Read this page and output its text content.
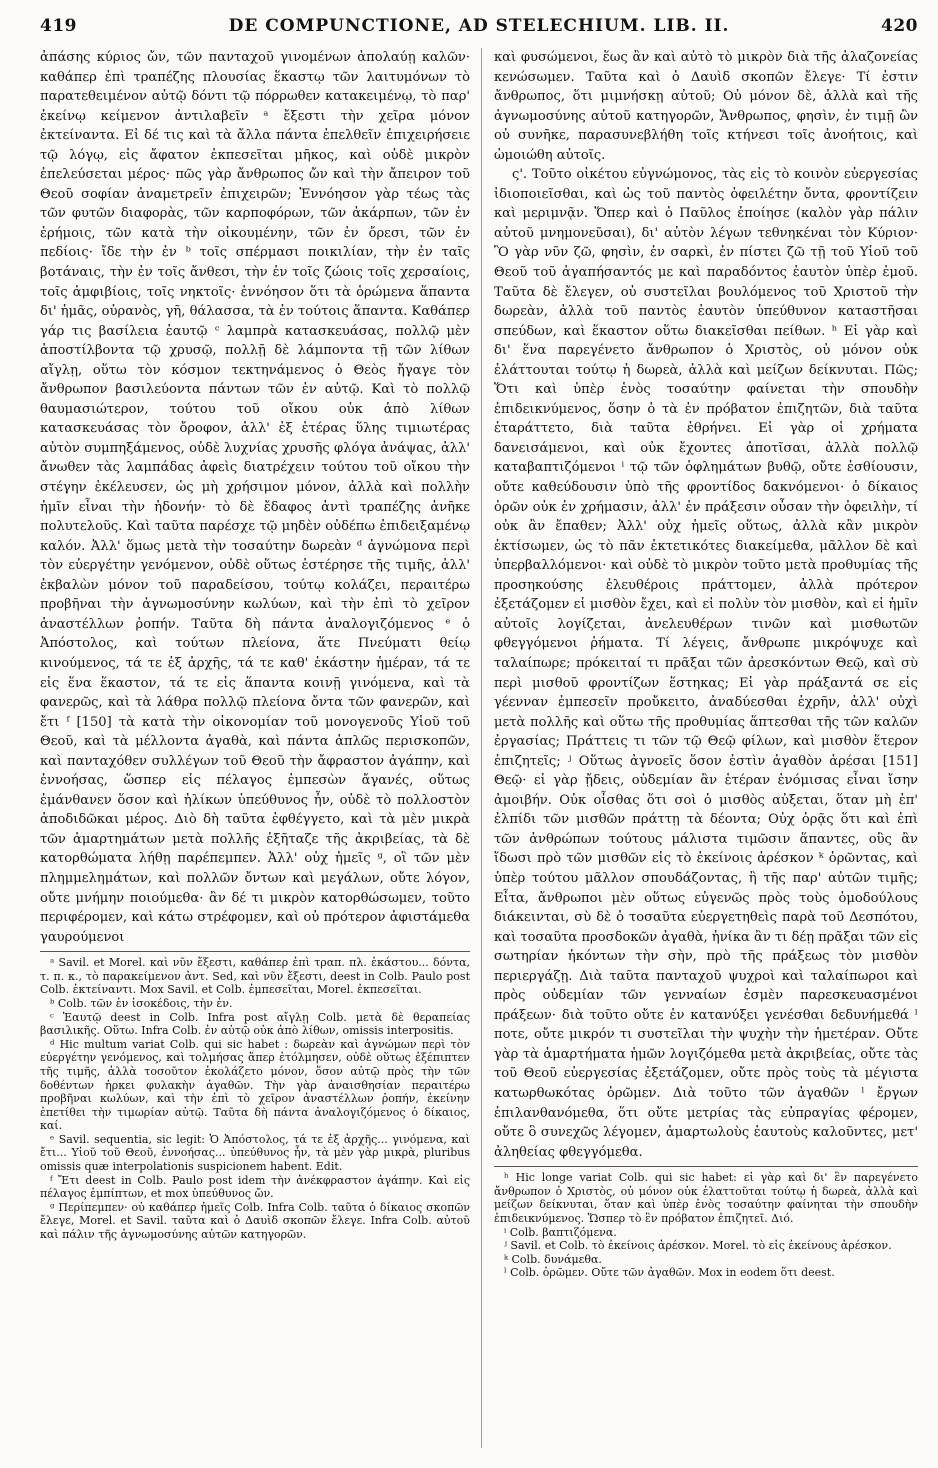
419	DE COMPUNCTIONE, AD STELECHIUM. LIB. II.	420

ἀπάσης κύριος ὤν, τῶν πανταχοῦ γινομένων ἀπολαύῃ καλῶν· καθάπερ ἐπὶ τραπέζης πλουσίας ἕκαστῳ τῶν λαιτυμόνων τὸ παρατεθειμένον αὐτῷ δόντι τῷ πόρρωθεν κατακειμένῳ, τὸ παρ' ἐκείνῳ κείμενον ἀντιλαβεῖν ᵃ ἔξεστι τὴν χεῖρα μόνον ἐκτείναντα. Εἰ δέ τις καὶ τὰ ἄλλα πάντα ἐπελθεῖν ἐπιχειρήσειε τῷ λόγῳ, εἰς ἄφατον ἐκπεσεῖται μῆκος, καὶ οὐδὲ μικρὸν ἐπελεύσεται μέρος· πῶς γὰρ ἄνθρωπος ὤν καὶ τὴν ἄπειρον τοῦ Θεοῦ σοφίαν ἀναμετρεῖν ἐπιχειρῶν; Ἐννόησον γὰρ τέως τὰς τῶν φυτῶν διαφορὰς, τῶν καρποφόρων, τῶν ἀκάρπων, τῶν ἐν ἐρήμοις, τῶν κατὰ τὴν οἰκουμένην, τῶν ἐν ὄρεσι, τῶν ἐν πεδίοις· ἴδε τὴν ἐν ᵇ τοῖς σπέρμασι ποικιλίαν, τὴν ἐν ταῖς βοτάναις, τὴν ἐν τοῖς ἄνθεσι, τὴν ἐν τοῖς ζώοις τοῖς χερσαίοις, τοῖς ἀμφιβίοις, τοῖς νηκτοῖς· ἐννόησον ὅτι τὰ ὁρώμενα ἅπαντα δι' ἡμᾶς, οὐρανὸς, γῆ, θάλασσα, τὰ ἐν τούτοις ἅπαντα. Καθάπερ γάρ τις βασίλεια ἑαυτῷ ᶜ λαμπρὰ κατασκευάσας, πολλῷ μὲν ἀποστίλβοντα τῷ χρυσῷ, πολλῇ δὲ λάμποντα τῇ τῶν λίθων αἴγλῃ, οὕτω τὸν κόσμον τεκτηνάμενος ὁ Θεὸς ἤγαγε τὸν ἄνθρωπον βασιλεύοντα πάντων τῶν ἐν αὐτῷ. Καὶ τὸ πολλῷ θαυμασιώτερον, τούτου τοῦ οἴκου οὐκ ἀπὸ λίθων κατασκευάσας τὸν ὄροφον, ἀλλ' ἐξ ἑτέρας ὕλης τιμιωτέρας αὐτὸν συμπηξάμενος, οὐδὲ λυχνίας χρυσῆς φλόγα ἀνάψας, ἀλλ' ἄνωθεν τὰς λαμπάδας ἀφεὶς διατρέχειν τούτου τοῦ οἴκου τὴν στέγην ἐκέλευσεν, ὡς μὴ χρήσιμον μόνον, ἀλλὰ καὶ πολλὴν ἡμῖν εἶναι τὴν ἡδονήν· τὸ δὲ ἔδαφος ἀντὶ τραπέζης ἀνῆκε πολυτελοῦς. Καὶ ταῦτα παρέσχε τῷ μηδὲν οὐδέπω ἐπιδειξαμένῳ καλόν. Ἀλλ' ὅμως μετὰ τὴν τοσαύτην δωρεὰν ᵈ ἀγνώμονα περὶ τὸν εὐεργέτην γενόμενον, οὐδὲ οὕτως ἐστέρησε τῆς τιμῆς, ἀλλ' ἐκβαλὼν μόνον τοῦ παραδείσου, τούτῳ κολάζει, περαιτέρω προβῆναι τὴν ἀγνωμοσύνην κωλύων, καὶ τὴν ἐπὶ τὸ χεῖρον ἀναστέλλων ῥοπήν. Ταῦτα δὴ πάντα ἀναλογιζόμενος ᵉ ὁ Ἀπόστολος, καὶ τούτων πλείονα, ἅτε Πνεύματι θείῳ κινούμενος, τά τε ἐξ ἀρχῆς, τά τε καθ' ἑκάστην ἡμέραν, τά τε εἰς ἕνα ἕκαστον, τά τε εἰς ἅπαντα κοινῇ γινόμενα, καὶ τὰ φανερῶς, καὶ τὰ λάθρα πολλῷ πλείονα ὄντα τῶν φανερῶν, καὶ ἔτι ᶠ [150] τὰ κατὰ τὴν οἰκονομίαν τοῦ μονογενοῦς Υἱοῦ τοῦ Θεοῦ, καὶ τὰ μέλλοντα ἀγαθὰ, καὶ πάντα ἁπλῶς περισκοπῶν, καὶ πανταχόθεν συλλέγων τοῦ Θεοῦ τὴν ἄφραστον ἀγάπην, καὶ ἐννοήσας, ὥσπερ εἰς πέλαγος ἐμπεσὼν ἄγανές, οὕτως ἐμάνθανεν ὅσον καὶ ἡλίκων ὑπεύθυνος ἦν, οὐδὲ τὸ πολλοστὸν ἀποδιδῶκαι μέρος. Διὸ δὴ ταῦτα ἐφθέγγετο, καὶ τὰ μὲν μικρὰ τῶν ἁμαρτημάτων μετὰ πολλῆς ἐξῆταζε τῆς ἀκριβείας, τὰ δὲ κατορθώματα λήθῃ παρέπεμπεν. Ἀλλ' οὐχ ἡμεῖς ᵍ, οἳ τῶν μὲν πλημμελημάτων, καὶ πολλῶν ὄντων καὶ μεγάλων, οὔτε λόγον, οὔτε μνήμην ποιούμεθα· ἂν δέ τι μικρὸν κατορθώσωμεν, τοῦτο περιφέρομεν, καὶ κάτω στρέφομεν, καὶ οὐ πρότερον ἀφιστάμεθα γαυρούμενοι

ᵃ Savil. et Morel. καὶ νῦν ἔξεστι, καθάπερ ἐπὶ τραπ. πλ. ἑκάστου... δόντα, τ. π. κ., τὸ παρακείμενον ἀντ. Sed, καὶ νῦν ἔξεστι, deest in Colb. Paulo post Colb. ἐκτείναντι. Mox Savil. et Colb. ἐμπεσεῖται, Morel. ἐκπεσεῖται.

ᵇ Colb. τῶν ἐν ἰσοκέδοις, τὴν ἐν.

ᶜ Ἑαυτῷ deest in Colb. Infra post αἴγλῃ Colb. μετὰ δὲ θεραπείας βασιλικῆς. Οὕτω. Infra Colb. ἐν αὐτῷ οὐκ ἀπὸ λίθων, omissis interpositis.

ᵈ Hic multum variat Colb. qui sic habet : δωρεὰν καὶ ἀγνώμων περὶ τὸν εὐεργέτην γενόμενος, καὶ τολμήσας ἅπερ ἐτόλμησεν, οὐδὲ οὕτως ἐξέπιπτεν τῆς τιμῆς, ἀλλὰ τοσοῦτον ἐκολάζετο μόνον, ὅσον αὐτῷ πρὸς τὴν τῶν δοθέντων ἠρκει φυλακὴν ἀγαθῶν. Τὴν γὰρ ἀναισθησίαν περαιτέρω προβῆναι κωλύων, καὶ τὴν ἐπὶ τὸ χεῖρον ἀναστέλλων ῥοπήν, ἐκείνην ἐπετίθει τὴν τιμωρίαν αὐτῷ. Ταῦτα δὴ πάντα ἀναλογιζόμενος ὁ δίκαιος, καί.

ᵉ Savil. sequentia, sic legit: Ὁ Ἀπόστολος, τά τε ἐξ ἀρχῆς... γινόμενα, καὶ ἔτι... Υἱοῦ τοῦ Θεοῦ, ἐννοήσας... ὑπεύθυνος ἦν, τὰ μὲν γὰρ μικρὰ, pluribus omissis quæ interpolationis suspicionem habent. Edit.

ᶠ Ἔτι deest in Colb. Paulo post idem τὴν ἀνέκφραστον ἀγάπην. Καὶ εἰς πέλαγος ἐμπίπτων, et mox ὑπεύθυνος ὤν.

ᵍ Περίπεμπεν· οὐ καθάπερ ἡμεῖς Colb. Infra Colb. ταῦτα ὁ δίκαιος σκοπῶν ἔλεγε, Morel. et Savil. ταῦτα καὶ ὁ Δαυὶδ σκοπῶν ἔλεγε. Infra Colb. αὐτοῦ καὶ πάλιν τῆς ἀγνωμοσύνης αὐτῶν κατηγορῶν.

καὶ φυσώμενοι, ἕως ἂν καὶ αὐτὸ τὸ μικρὸν διὰ τῆς ἀλαζονείας κενώσωμεν. Ταῦτα καὶ ὁ Δαυὶδ σκοπῶν ἔλεγε· Τί ἐστιν ἄνθρωπος, ὅτι μιμνήσκῃ αὐτοῦ; Οὐ μόνον δὲ, ἀλλὰ καὶ τῆς ἀγνωμοσύνης αὐτοῦ κατηγορῶν, Ἄνθρωπος, φησὶν, ἐν τιμῇ ὢν οὐ συνῆκε, παρασυνεβλήθη τοῖς κτήνεσι τοῖς ἀνοήτοις, καὶ ὡμοιώθη αὐτοῖς.

ς'. Τοῦτο οἰκέτου εὐγνώμονος, τὰς εἰς τὸ κοινὸν εὐεργεσίας ἰδιοποιεῖσθαι, καὶ ὡς τοῦ παντὸς ὀφειλέτην ὄντα, φροντίζειν καὶ μεριμνᾷν. Ὅπερ καὶ ὁ Παῦλος ἐποίησε (καλὸν γὰρ πάλιν αὐτοῦ μνημονεῦσαι), δι' αὐτὸν λέγων τεθνηκέναι τὸν Κύριον· Ὃ γὰρ νῦν ζῶ, φησὶν, ἐν σαρκὶ, ἐν πίστει ζῶ τῇ τοῦ Υἱοῦ τοῦ Θεοῦ τοῦ ἀγαπήσαντός με καὶ παραδόντος ἑαυτὸν ὑπὲρ ἐμοῦ. Ταῦτα δὲ ἔλεγεν, οὐ συστεῖλαι βουλόμενος τοῦ Χριστοῦ τὴν δωρεὰν, ἀλλὰ τοῦ παντὸς ἑαυτὸν ὑπεύθυνον καταστῆσαι σπεύδων, καὶ ἕκαστον οὕτω διακεῖσθαι πείθων. ʰ Εἰ γὰρ καὶ δι' ἕνα παρεγένετο ἄνθρωπον ὁ Χριστὸς, οὐ μόνον οὐκ ἐλάττουται τούτῳ ἡ δωρεὰ, ἀλλὰ καὶ μείζων δείκνυται. Πῶς; Ὅτι καὶ ὑπὲρ ἑνὸς τοσαύτην φαίνεται τὴν σπουδὴν ἐπιδεικνύμενος, ὅσην ὁ τὰ ἐν πρόβατον ἐπιζητῶν, διὰ ταῦτα ἐταράττετο, διὰ ταῦτα ἐθρήνει. Εἰ γὰρ οἱ χρήματα δανεισάμενοι, καὶ οὐκ ἔχοντες ἀποτῖσαι, ἀλλὰ πολλῷ καταβαπτιζόμενοι ⁱ τῷ τῶν ὀφλημάτων βυθῷ, οὔτε ἐσθίουσιν, οὔτε καθεύδουσιν ὑπὸ τῆς φροντίδος δακνόμενοι· ὁ δίκαιος ὁρῶν οὐκ ἐν χρήμασιν, ἀλλ' ἐν πράξεσιν οὖσαν τὴν ὀφειλὴν, τί οὐκ ἂν ἔπαθεν; Ἀλλ' οὐχ ἡμεῖς οὕτως, ἀλλὰ κἂν μικρὸν ἐκτίσωμεν, ὡς τὸ πᾶν ἐκτετικότες διακείμεθα, μᾶλλον δὲ καὶ ὑπερβαλλόμενοι· καὶ οὐδὲ τὸ μικρὸν τοῦτο μετὰ προθυμίας τῆς προσηκούσης ἐλευθέροις πράττομεν, ἀλλὰ πρότερον ἐξετάζομεν εἰ μισθὸν ἔχει, καὶ εἰ πολὺν τὸν μισθὸν, καὶ εἰ ἡμῖν αὐτοῖς λογίζεται, ἀνελευθέρων τινῶν καὶ μισθωτῶν φθεγγόμενοι ῥήματα. Τί λέγεις, ἄνθρωπε μικρόψυχε καὶ ταλαίπωρε; πρόκειταί τι πρᾶξαι τῶν ἀρεσκόντων Θεῷ, καὶ σὺ περὶ μισθοῦ φροντίζων ἕστηκας; Εἰ γὰρ πράξαντά σε εἰς γέενναν ἐμπεσεῖν προὔκειτο, ἀναδύεσθαι ἐχρῆν, ἀλλ' οὐχὶ μετὰ πολλῆς καὶ οὕτω τῆς προθυμίας ἅπτεσθαι τῆς τῶν καλῶν ἐργασίας; Πράττεις τι τῶν τῷ Θεῷ φίλων, καὶ μισθὸν ἕτερον ἐπιζητεῖς; ʲ Οὕτως ἀγνοεῖς ὅσον ἐστὶν ἀγαθὸν ἀρέσαι [151] Θεῷ· εἰ γὰρ ᾔδεις, οὐδεμίαν ἂν ἑτέραν ἐνόμισας εἶναι ἴσην ἀμοιβήν. Οὐκ οἶσθας ὅτι σοὶ ὁ μισθὸς αὐξεται, ὅταν μὴ ἐπ' ἐλπίδι τῶν μισθῶν πράττῃ τὰ δέοντα; Οὐχ ὁρᾷς ὅτι καὶ ἐπὶ τῶν ἀνθρώπων τούτους μάλιστα τιμῶσιν ἅπαντες, οὓς ἂν ἴδωσι πρὸ τῶν μισθῶν εἰς τὸ ἐκείνοις ἀρέσκον ᵏ ὁρῶντας, καὶ ὑπὲρ τούτου μᾶλλον σπουδάζοντας, ἢ τῆς παρ' αὐτῶν τιμῆς; Εἶτα, ἄνθρωποι μὲν οὕτως εὐγενῶς πρὸς τοὺς ὁμοδούλους διάκεινται, σὺ δὲ ὁ τοσαῦτα εὐεργετηθεὶς παρὰ τοῦ Δεσπότου, καὶ τοσαῦτα προσδοκῶν ἀγαθὰ, ἡνίκα ἂν τι δέῃ πρᾶξαι τῶν εἰς σωτηρίαν ἡκόντων τὴν σὴν, πρὸ τῆς πράξεως τὸν μισθὸν περιεργάζῃ. Διὰ ταῦτα πανταχοῦ ψυχροὶ καὶ ταλαίπωροι καὶ πρὸς οὐδεμίαν τῶν γενναίων ἐσμὲν παρεσκευασμένοι πράξεων· διὰ τοῦτο οὔτε ἐν κατανύξει γενέσθαι δεδυνήμεθά ˡ ποτε, οὔτε μικρόν τι συστεῖλαι τὴν ψυχὴν τὴν ἡμετέραν. Οὔτε γὰρ τὰ ἁμαρτήματα ἡμῶν λογιζόμεθα μετὰ ἀκριβείας, οὔτε τὰς τοῦ Θεοῦ εὐεργεσίας ἐξετάζομεν, οὔτε πρὸς τοὺς τὰ μέγιστα κατωρθωκότας ὁρῶμεν. Διὰ τοῦτο τῶν ἀγαθῶν ˡ ἔργων ἐπιλανθανόμεθα, ὅτι οὔτε μετρίας τὰς εὐπραγίας φέρομεν, οὔτε ὃ συνεχῶς λέγομεν, ἁμαρτωλοὺς ἑαυτοὺς καλοῦντες, μετ' ἀληθείας φθεγγόμεθα.

ʰ Hic longe variat Colb. qui sic habet: εἰ γὰρ καὶ δι' ἓν παρεγένετο ἄνθρωπον ὁ Χριστὸς, οὐ μόνον οὐκ ἐλαττοῦται τούτῳ ἡ δωρεὰ, ἀλλὰ καὶ μείζων δείκνυται, ὅταν καὶ ὑπὲρ ἑνὸς τοσαύτην φαίνηται τὴν σπουδὴν ἐπιδεικνύμενος. Ὥσπερ τὸ ἓν πρόβατον ἐπιζητεῖ. Διό.

ⁱ Colb. βαπτιζόμενα.

ʲ Savil. et Colb. τὸ ἐκείνοις ἀρέσκον. Morel. τὸ εἰς ἐκείνους ἀρέσκον.

ᵏ Colb. δυνάμεθα.

ˡ Colb. ὁρῶμεν. Οὔτε τῶν ἀγαθῶν. Mox in eodem ὅτι deest.
